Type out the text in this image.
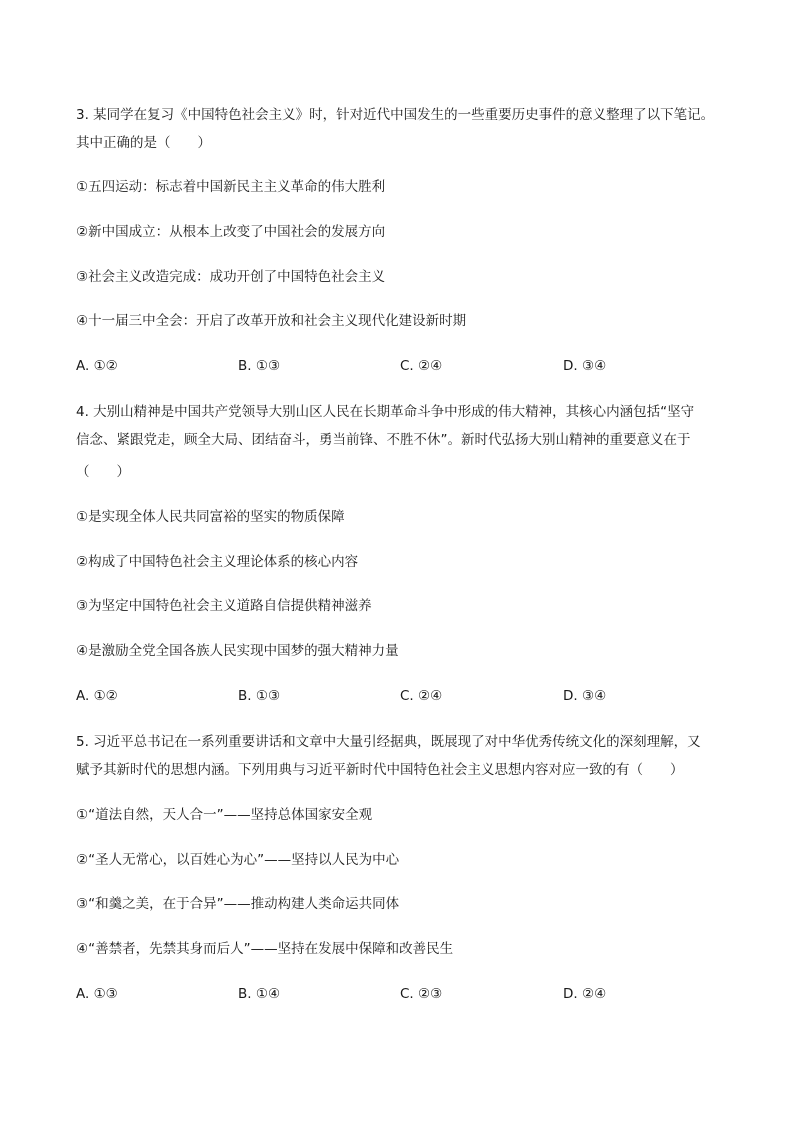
3. 某同学在复习《中国特色社会主义》时，针对近代中国发生的一些重要历史事件的意义整理了以下笔记。
其中正确的是（　　）
①五四运动：标志着中国新民主主义革命的伟大胜利
②新中国成立：从根本上改变了中国社会的发展方向
③社会主义改造完成：成功开创了中国特色社会主义
④十一届三中全会：开启了改革开放和社会主义现代化建设新时期
A. ①②	B. ①③	C. ②④	D. ③④
4. 大别山精神是中国共产党领导大别山区人民在长期革命斗争中形成的伟大精神，其核心内涵包括“坚守
信念、紧跟党走，顾全大局、团结奋斗，勇当前锋、不胜不休”。新时代弘扬大别山精神的重要意义在于
（　　）
①是实现全体人民共同富裕的坚实的物质保障
②构成了中国特色社会主义理论体系的核心内容
③为坚定中国特色社会主义道路自信提供精神滋养
④是激励全党全国各族人民实现中国梦的强大精神力量
A. ①②	B. ①③	C. ②④	D. ③④
5. 习近平总书记在一系列重要讲话和文章中大量引经据典，既展现了对中华优秀传统文化的深刻理解，又
赋予其新时代的思想内涵。下列用典与习近平新时代中国特色社会主义思想内容对应一致的有（　　）
①“道法自然，天人合一”——坚持总体国家安全观
②“圣人无常心，以百姓心为心”——坚持以人民为中心
③“和羹之美，在于合异”——推动构建人类命运共同体
④“善禁者，先禁其身而后人”——坚持在发展中保障和改善民生
A. ①③	B. ①④	C. ②③	D. ②④
